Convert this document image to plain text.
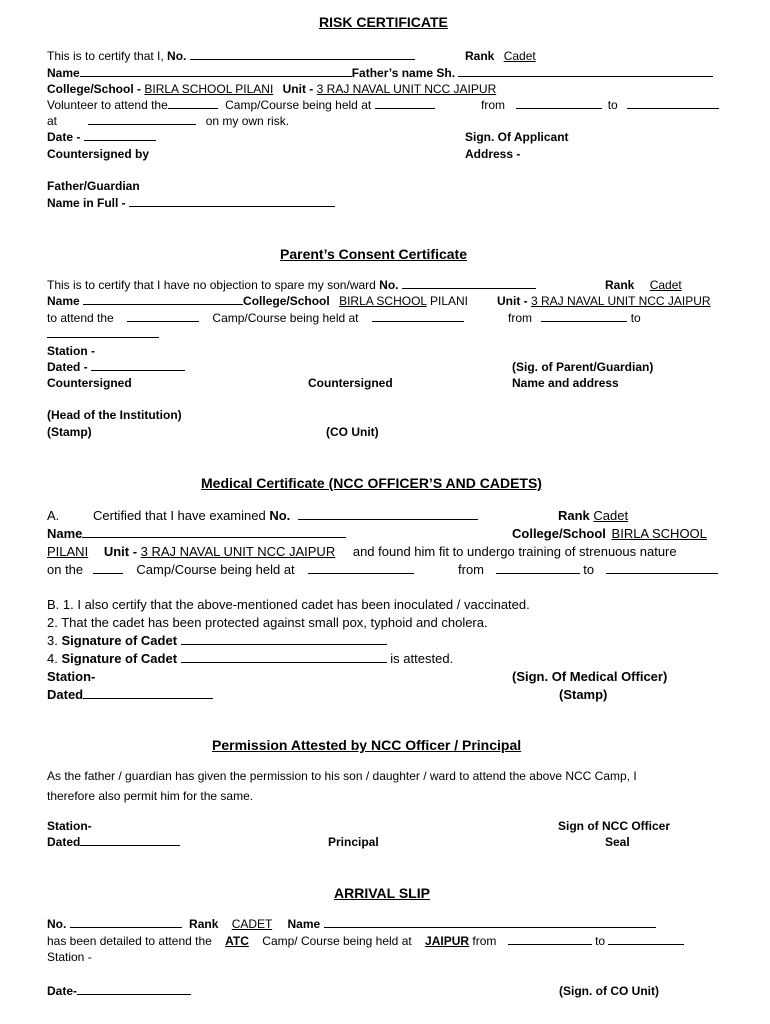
RISK CERTIFICATE
This is to certify that I, No.	Rank Cadet
Name	Father’s name Sh.
College/School - BIRLA SCHOOL PILANI Unit - 3 RAJ NAVAL UNIT NCC JAIPUR
Volunteer to attend the	Camp/Course being held at	from	to
at	on my own risk.
Date -	Sign. Of Applicant
Countersigned by	Address -
Father/Guardian
Name in Full -
Parent’s Consent Certificate
This is to certify that I have no objection to spare my son/ward No.	Rank Cadet
Name	College/School BIRLA SCHOOL PILANI Unit - 3 RAJ NAVAL UNIT NCC JAIPUR
to attend the	Camp/Course being held at	from	to
Station -
Dated -	(Sig. of Parent/Guardian)
Countersigned	Countersigned	Name and address
(Head of the Institution)
(Stamp)	(CO Unit)
Medical Certificate (NCC OFFICER’S AND CADETS)
A.	Certified that I have examined No.	Rank Cadet
Name	College/School BIRLA SCHOOL
PILANI Unit - 3 RAJ NAVAL UNIT NCC JAIPUR and found him fit to undergo training of strenuous nature
on the	Camp/Course being held at	from	to
B. 1. I also certify that the above-mentioned cadet has been inoculated / vaccinated.
2. That the cadet has been protected against small pox, typhoid and cholera.
3. Signature of Cadet
4. Signature of Cadet	is attested.
Station-	(Sign. Of Medical Officer)
Dated	(Stamp)
Permission Attested by NCC Officer / Principal
As the father / guardian has given the permission to his son / daughter / ward to attend the above NCC Camp, I
therefore also permit him for the same.
Station-	Sign of NCC Officer
Dated	Principal	Seal
ARRIVAL SLIP
No.	Rank CADET Name
has been detailed to attend the ATC Camp/ Course being held at JAIPUR from	to
Station -
Date-	(Sign. of CO Unit)
